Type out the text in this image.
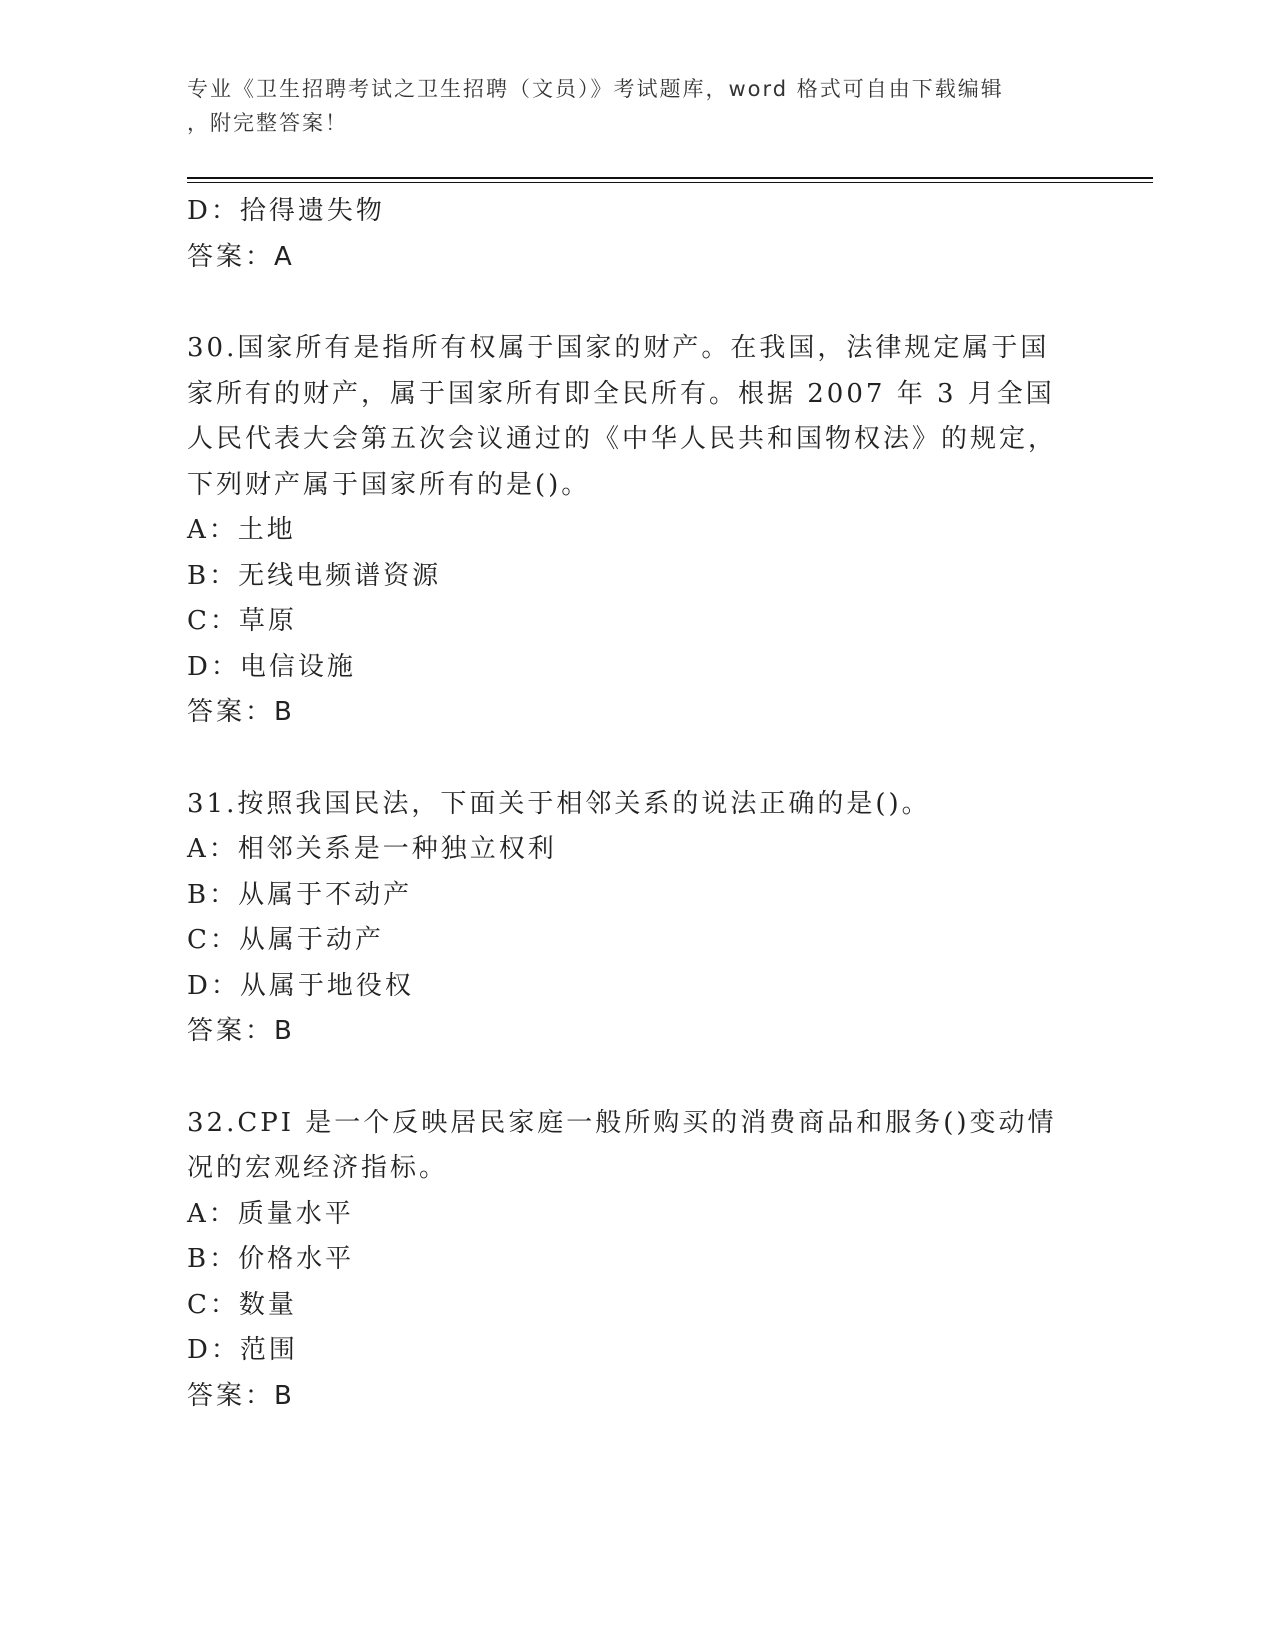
专业《卫生招聘考试之卫生招聘（文员）》考试题库，word 格式可自由下载编辑
，附完整答案！

D：拾得遗失物

答案：A

30.国家所有是指所有权属于国家的财产。在我国，法律规定属于国家所有的财产，属于国家所有即全民所有。根据 2007 年 3 月全国人民代表大会第五次会议通过的《中华人民共和国物权法》的规定，下列财产属于国家所有的是()。

A：土地

B：无线电频谱资源

C：草原

D：电信设施

答案：B

31.按照我国民法，下面关于相邻关系的说法正确的是()。

A：相邻关系是一种独立权利

B：从属于不动产

C：从属于动产

D：从属于地役权

答案：B

32.CPI 是一个反映居民家庭一般所购买的消费商品和服务()变动情况的宏观经济指标。

A：质量水平

B：价格水平

C：数量

D：范围

答案：B
